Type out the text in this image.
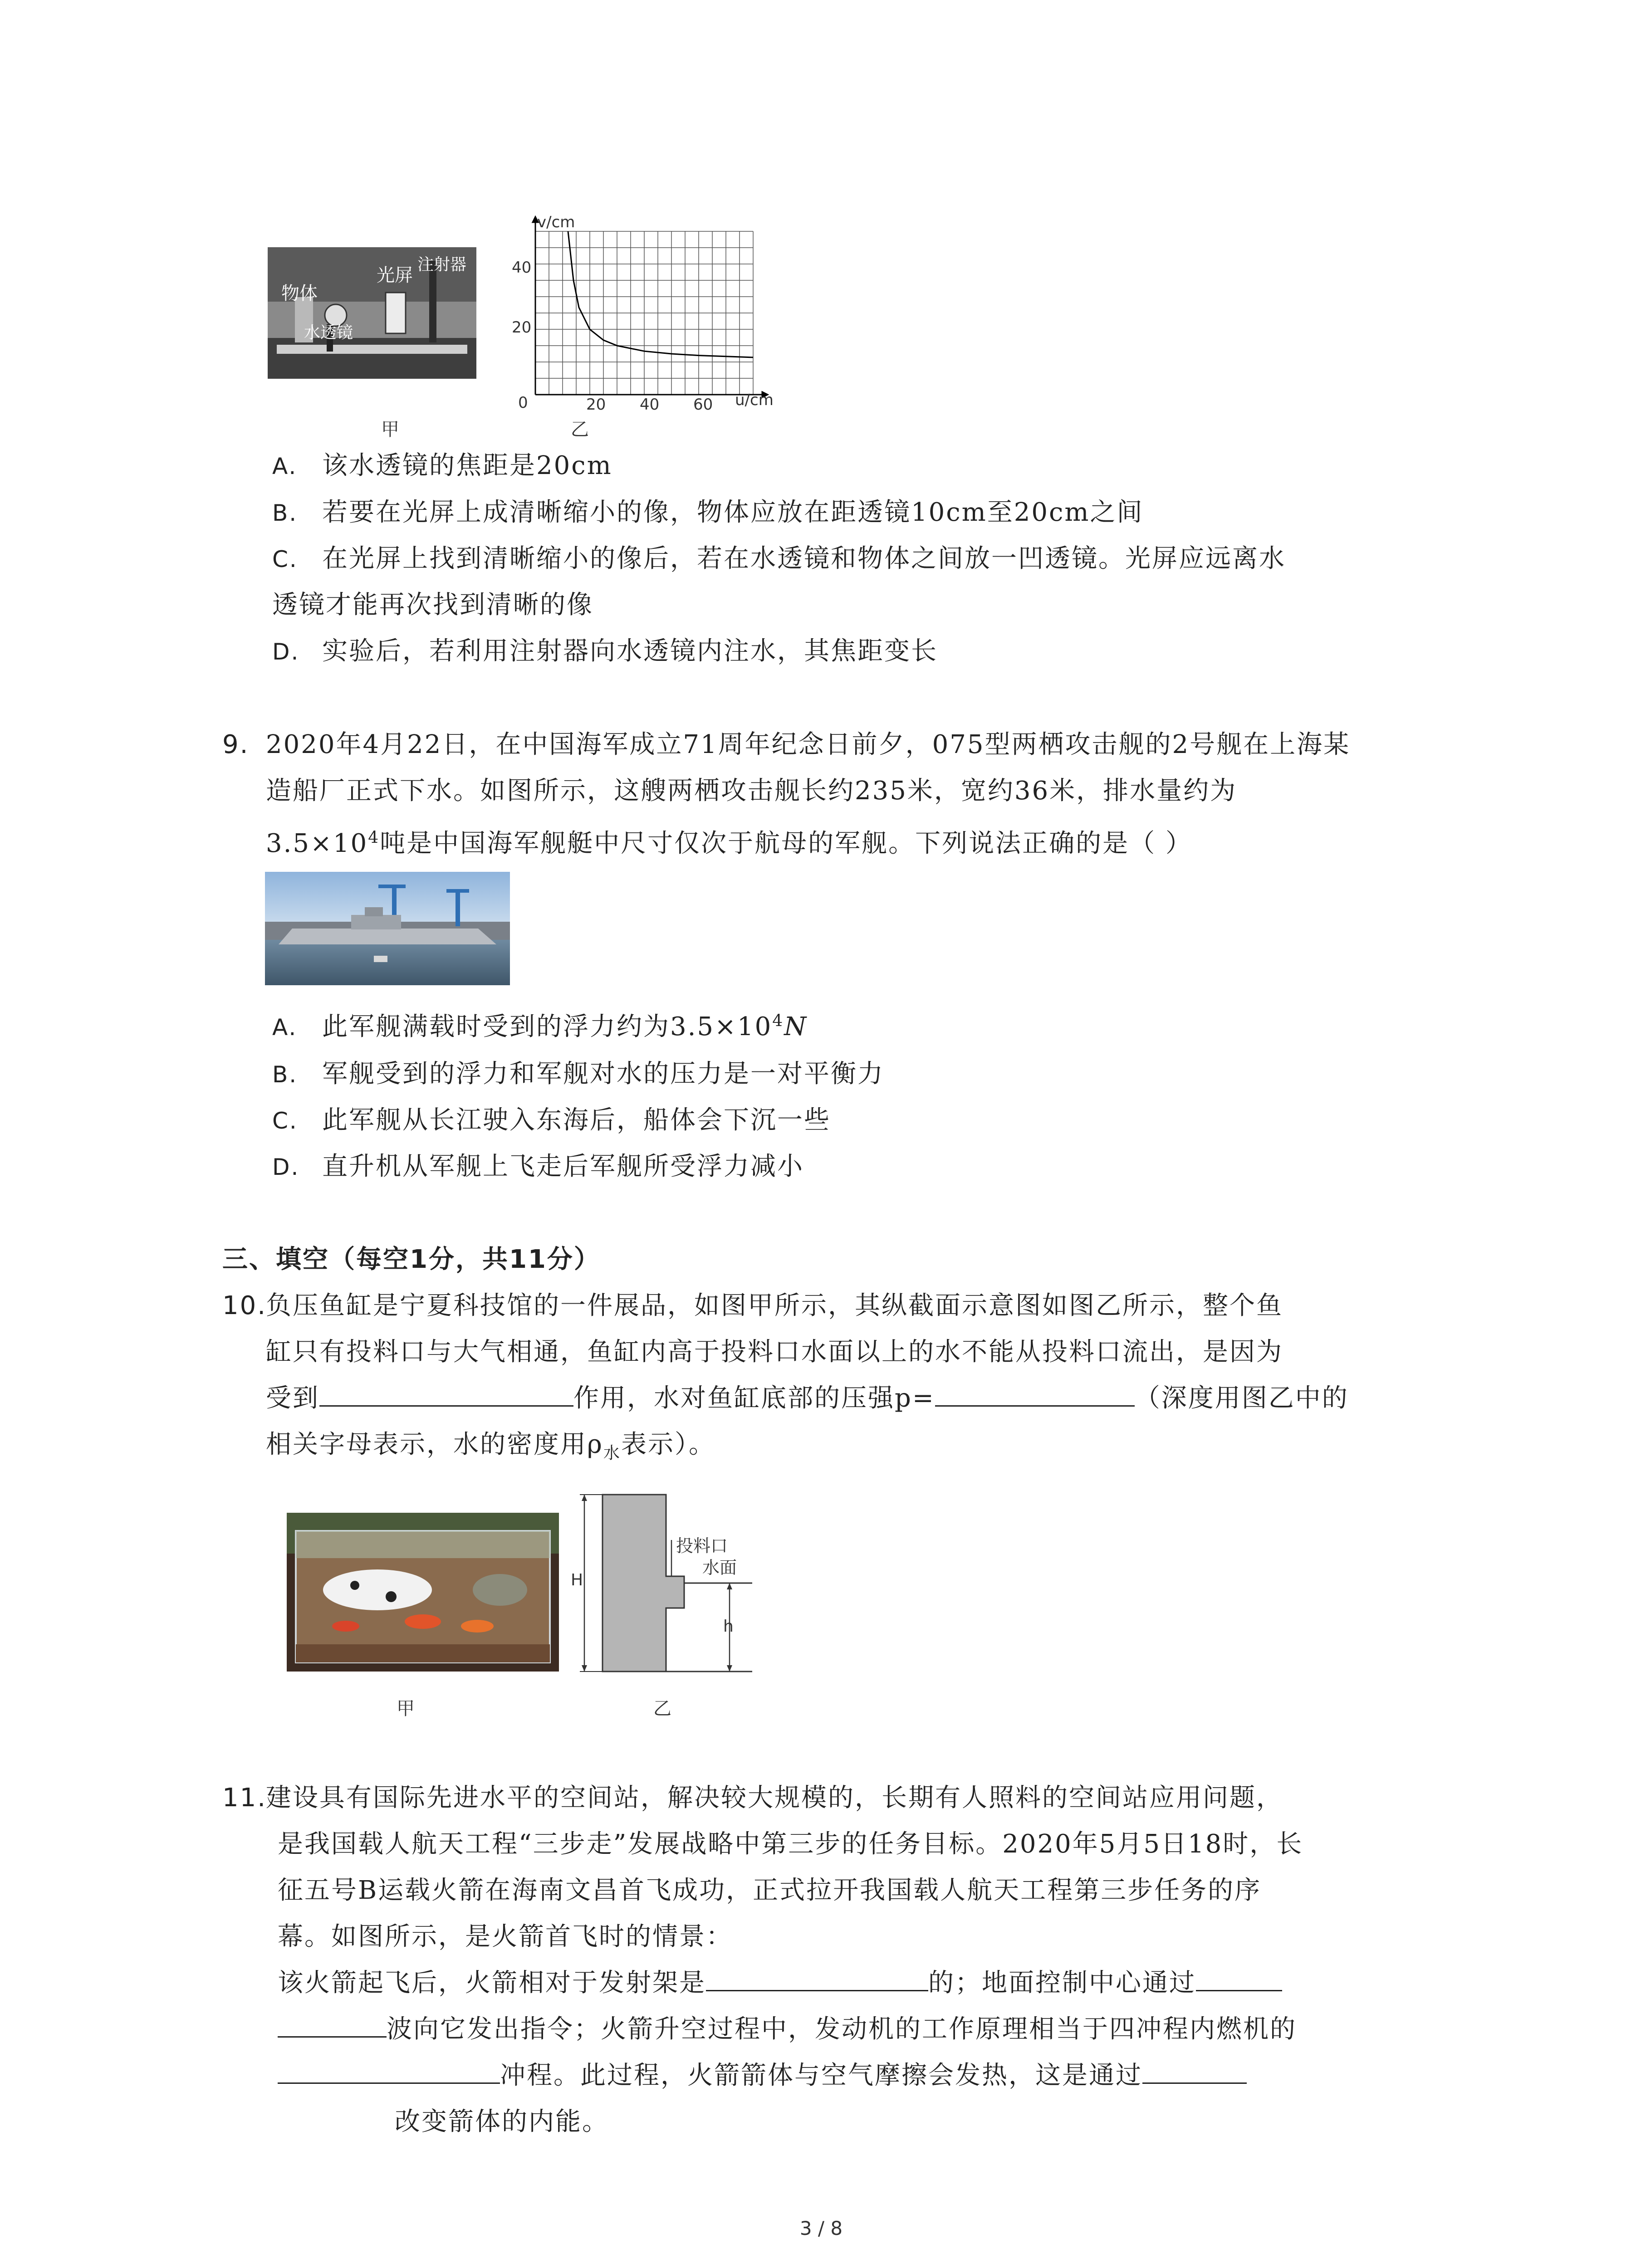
物体
光屏
注射器
水透镜
甲
v/cm
u/cm
0
40
20
20 40 60
乙
A. 该水透镜的焦距是20cm
B. 若要在光屏上成清晰缩小的像，物体应放在距透镜10cm至20cm之间
C. 在光屏上找到清晰缩小的像后，若在水透镜和物体之间放一凹透镜。光屏应远离水
透镜才能再次找到清晰的像
D. 实验后，若利用注射器向水透镜内注水，其焦距变长
9. 2020年4月22日，在中国海军成立71周年纪念日前夕，075型两栖攻击舰的2号舰在上海某
造船厂正式下水。如图所示，这艘两栖攻击舰长约235米，宽约36米，排水量约为
$3.5\times 10^4$吨是中国海军舰艇中尺寸仅次于航母的军舰。下列说法正确的是（ ）
A. 此军舰满载时受到的浮力约为$3.5\times 10^4N$
B. 军舰受到的浮力和军舰对水的压力是一对平衡力
C. 此军舰从长江驶入东海后，船体会下沉一些
D. 直升机从军舰上飞走后军舰所受浮力减小
三、填空（每空1分，共11分）
10.负压鱼缸是宁夏科技馆的一件展品，如图甲所示，其纵截面示意图如图乙所示，整个鱼
缸只有投料口与大气相通，鱼缸内高于投料口水面以上的水不能从投料口流出，是因为
受到	作用，水对鱼缸底部的压强p=	（深度用图乙中的
相关字母表示，水的密度用$\rho_水$表示）。
甲
投料口
水面
H
h
乙
11.建设具有国际先进水平的空间站，解决较大规模的，长期有人照料的空间站应用问题，
是我国载人航天工程“三步走”发展战略中第三步的任务目标。2020年5月5日18时，长
征五号B运载火箭在海南文昌首飞成功，正式拉开我国载人航天工程第三步任务的序
幕。如图所示，是火箭首飞时的情景：
该火箭起飞后，火箭相对于发射架是	的；地面控制中心通过
波向它发出指令；火箭升空过程中，发动机的工作原理相当于四冲程内燃机的
冲程。此过程，火箭箭体与空气摩擦会发热，这是通过
改变箭体的内能。
3 / 8
